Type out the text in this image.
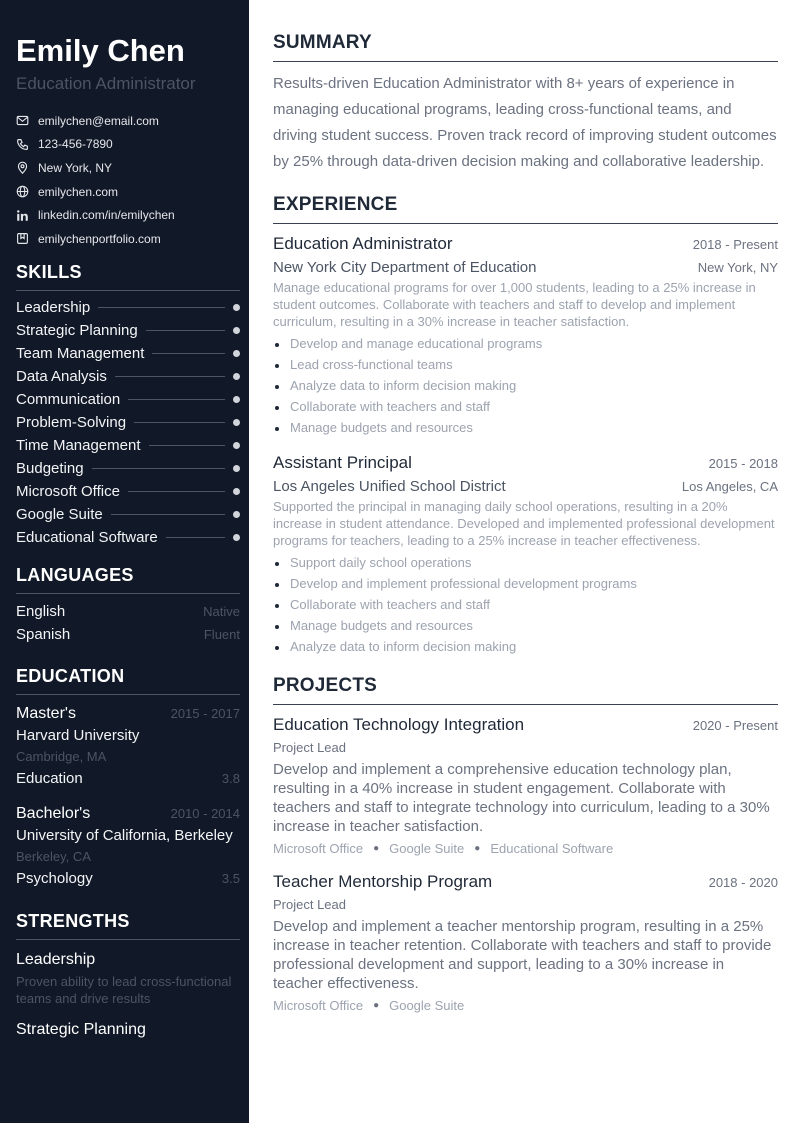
Emily Chen
Education Administrator
emilychen@email.com
123-456-7890
New York, NY
emilychen.com
linkedin.com/in/emilychen
emilychenportfolio.com
SKILLS
Leadership
Strategic Planning
Team Management
Data Analysis
Communication
Problem-Solving
Time Management
Budgeting
Microsoft Office
Google Suite
Educational Software
LANGUAGES
English	Native
Spanish	Fluent
EDUCATION
Master's	2015 - 2017
Harvard University
Cambridge, MA
Education	3.8
Bachelor's	2010 - 2014
University of California, Berkeley
Berkeley, CA
Psychology	3.5
STRENGTHS
Leadership
Proven ability to lead cross-functional teams and drive results
Strategic Planning
SUMMARY

Results-driven Education Administrator with 8+ years of experience in managing educational programs, leading cross-functional teams, and driving student success. Proven track record of improving student outcomes by 25% through data-driven decision making and collaborative leadership.

EXPERIENCE
Education Administrator	2018 - Present
New York City Department of Education	New York, NY

Manage educational programs for over 1,000 students, leading to a 25% increase in student outcomes. Collaborate with teachers and staff to develop and implement curriculum, resulting in a 30% increase in teacher satisfaction.

Develop and manage educational programs
Lead cross-functional teams
Analyze data to inform decision making
Collaborate with teachers and staff
Manage budgets and resources
Assistant Principal	2015 - 2018
Los Angeles Unified School District	Los Angeles, CA

Supported the principal in managing daily school operations, resulting in a 20% increase in student attendance. Developed and implemented professional development programs for teachers, leading to a 25% increase in teacher effectiveness.

Support daily school operations
Develop and implement professional development programs
Collaborate with teachers and staff
Manage budgets and resources
Analyze data to inform decision making
PROJECTS
Education Technology Integration	2020 - Present
Project Lead

Develop and implement a comprehensive education technology plan, resulting in a 40% increase in student engagement. Collaborate with teachers and staff to integrate technology into curriculum, leading to a 30% increase in teacher satisfaction.

Microsoft Office ● Google Suite ● Educational Software
Teacher Mentorship Program	2018 - 2020
Project Lead

Develop and implement a teacher mentorship program, resulting in a 25% increase in teacher retention. Collaborate with teachers and staff to provide professional development and support, leading to a 30% increase in teacher effectiveness.

Microsoft Office ● Google Suite
